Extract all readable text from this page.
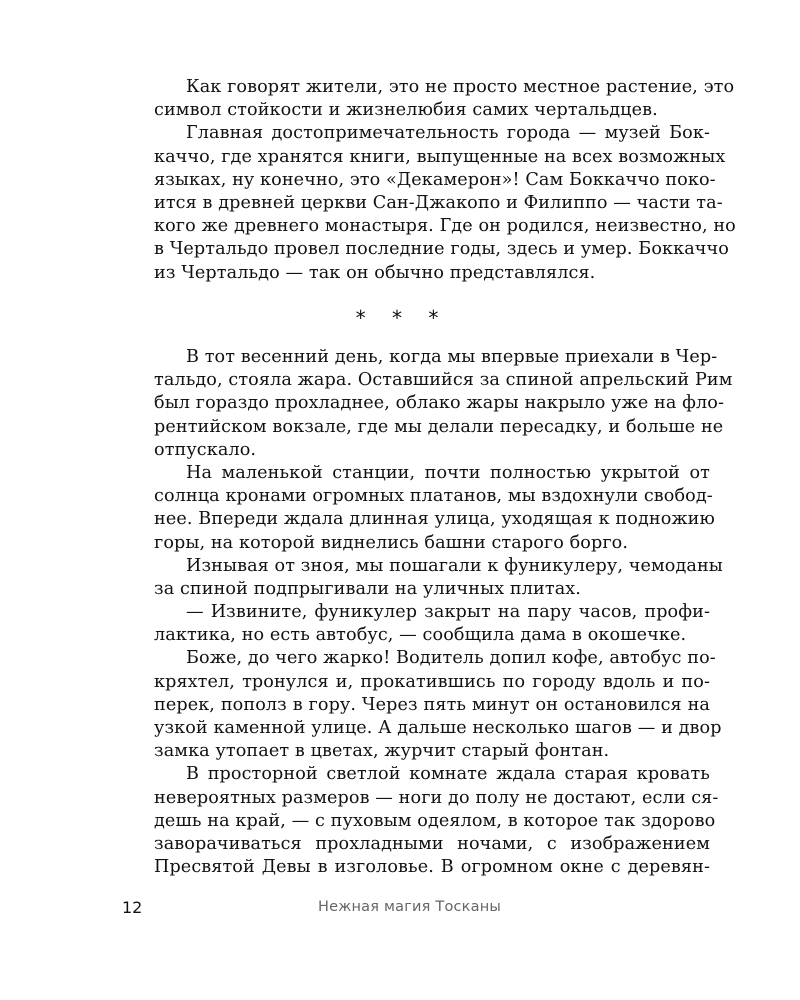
Как говорят жители, это не просто местное растение, это
символ стойкости и жизнелюбия самих чертальдцев.

Главная достопримечательность города — музей Бок-
каччо, где хранятся книги, выпущенные на всех возможных
языках, ну конечно, это «Декамерон»! Сам Боккаччо поко-
ится в древней церкви Сан-Джакопо и Филиппо — части та-
кого же древнего монастыря. Где он родился, неизвестно, но
в Чертальдо провел последние годы, здесь и умер. Боккаччо
из Чертальдо — так он обычно представлялся.

* * *

В тот весенний день, когда мы впервые приехали в Чер-
тальдо, стояла жара. Оставшийся за спиной апрельский Рим
был гораздо прохладнее, облако жары накрыло уже на фло-
рентийском вокзале, где мы делали пересадку, и больше не
отпускало.

На маленькой станции, почти полностью укрытой от
солнца кронами огромных платанов, мы вздохнули свобод-
нее. Впереди ждала длинная улица, уходящая к подножию
горы, на которой виднелись башни старого борго.

Изнывая от зноя, мы пошагали к фуникулеру, чемоданы
за спиной подпрыгивали на уличных плитах.

— Извините, фуникулер закрыт на пару часов, профи-
лактика, но есть автобус, — сообщила дама в окошечке.

Боже, до чего жарко! Водитель допил кофе, автобус по-
кряхтел, тронулся и, прокатившись по городу вдоль и по-
перек, пополз в гору. Через пять минут он остановился на
узкой каменной улице. А дальше несколько шагов — и двор
замка утопает в цветах, журчит старый фонтан.

В просторной светлой комнате ждала старая кровать
невероятных размеров — ноги до полу не достают, если ся-
дешь на край, — с пуховым одеялом, в которое так здорово
заворачиваться прохладными ночами, с изображением
Пресвятой Девы в изголовье. В огромном окне с деревян-

12	Нежная магия Тосканы
